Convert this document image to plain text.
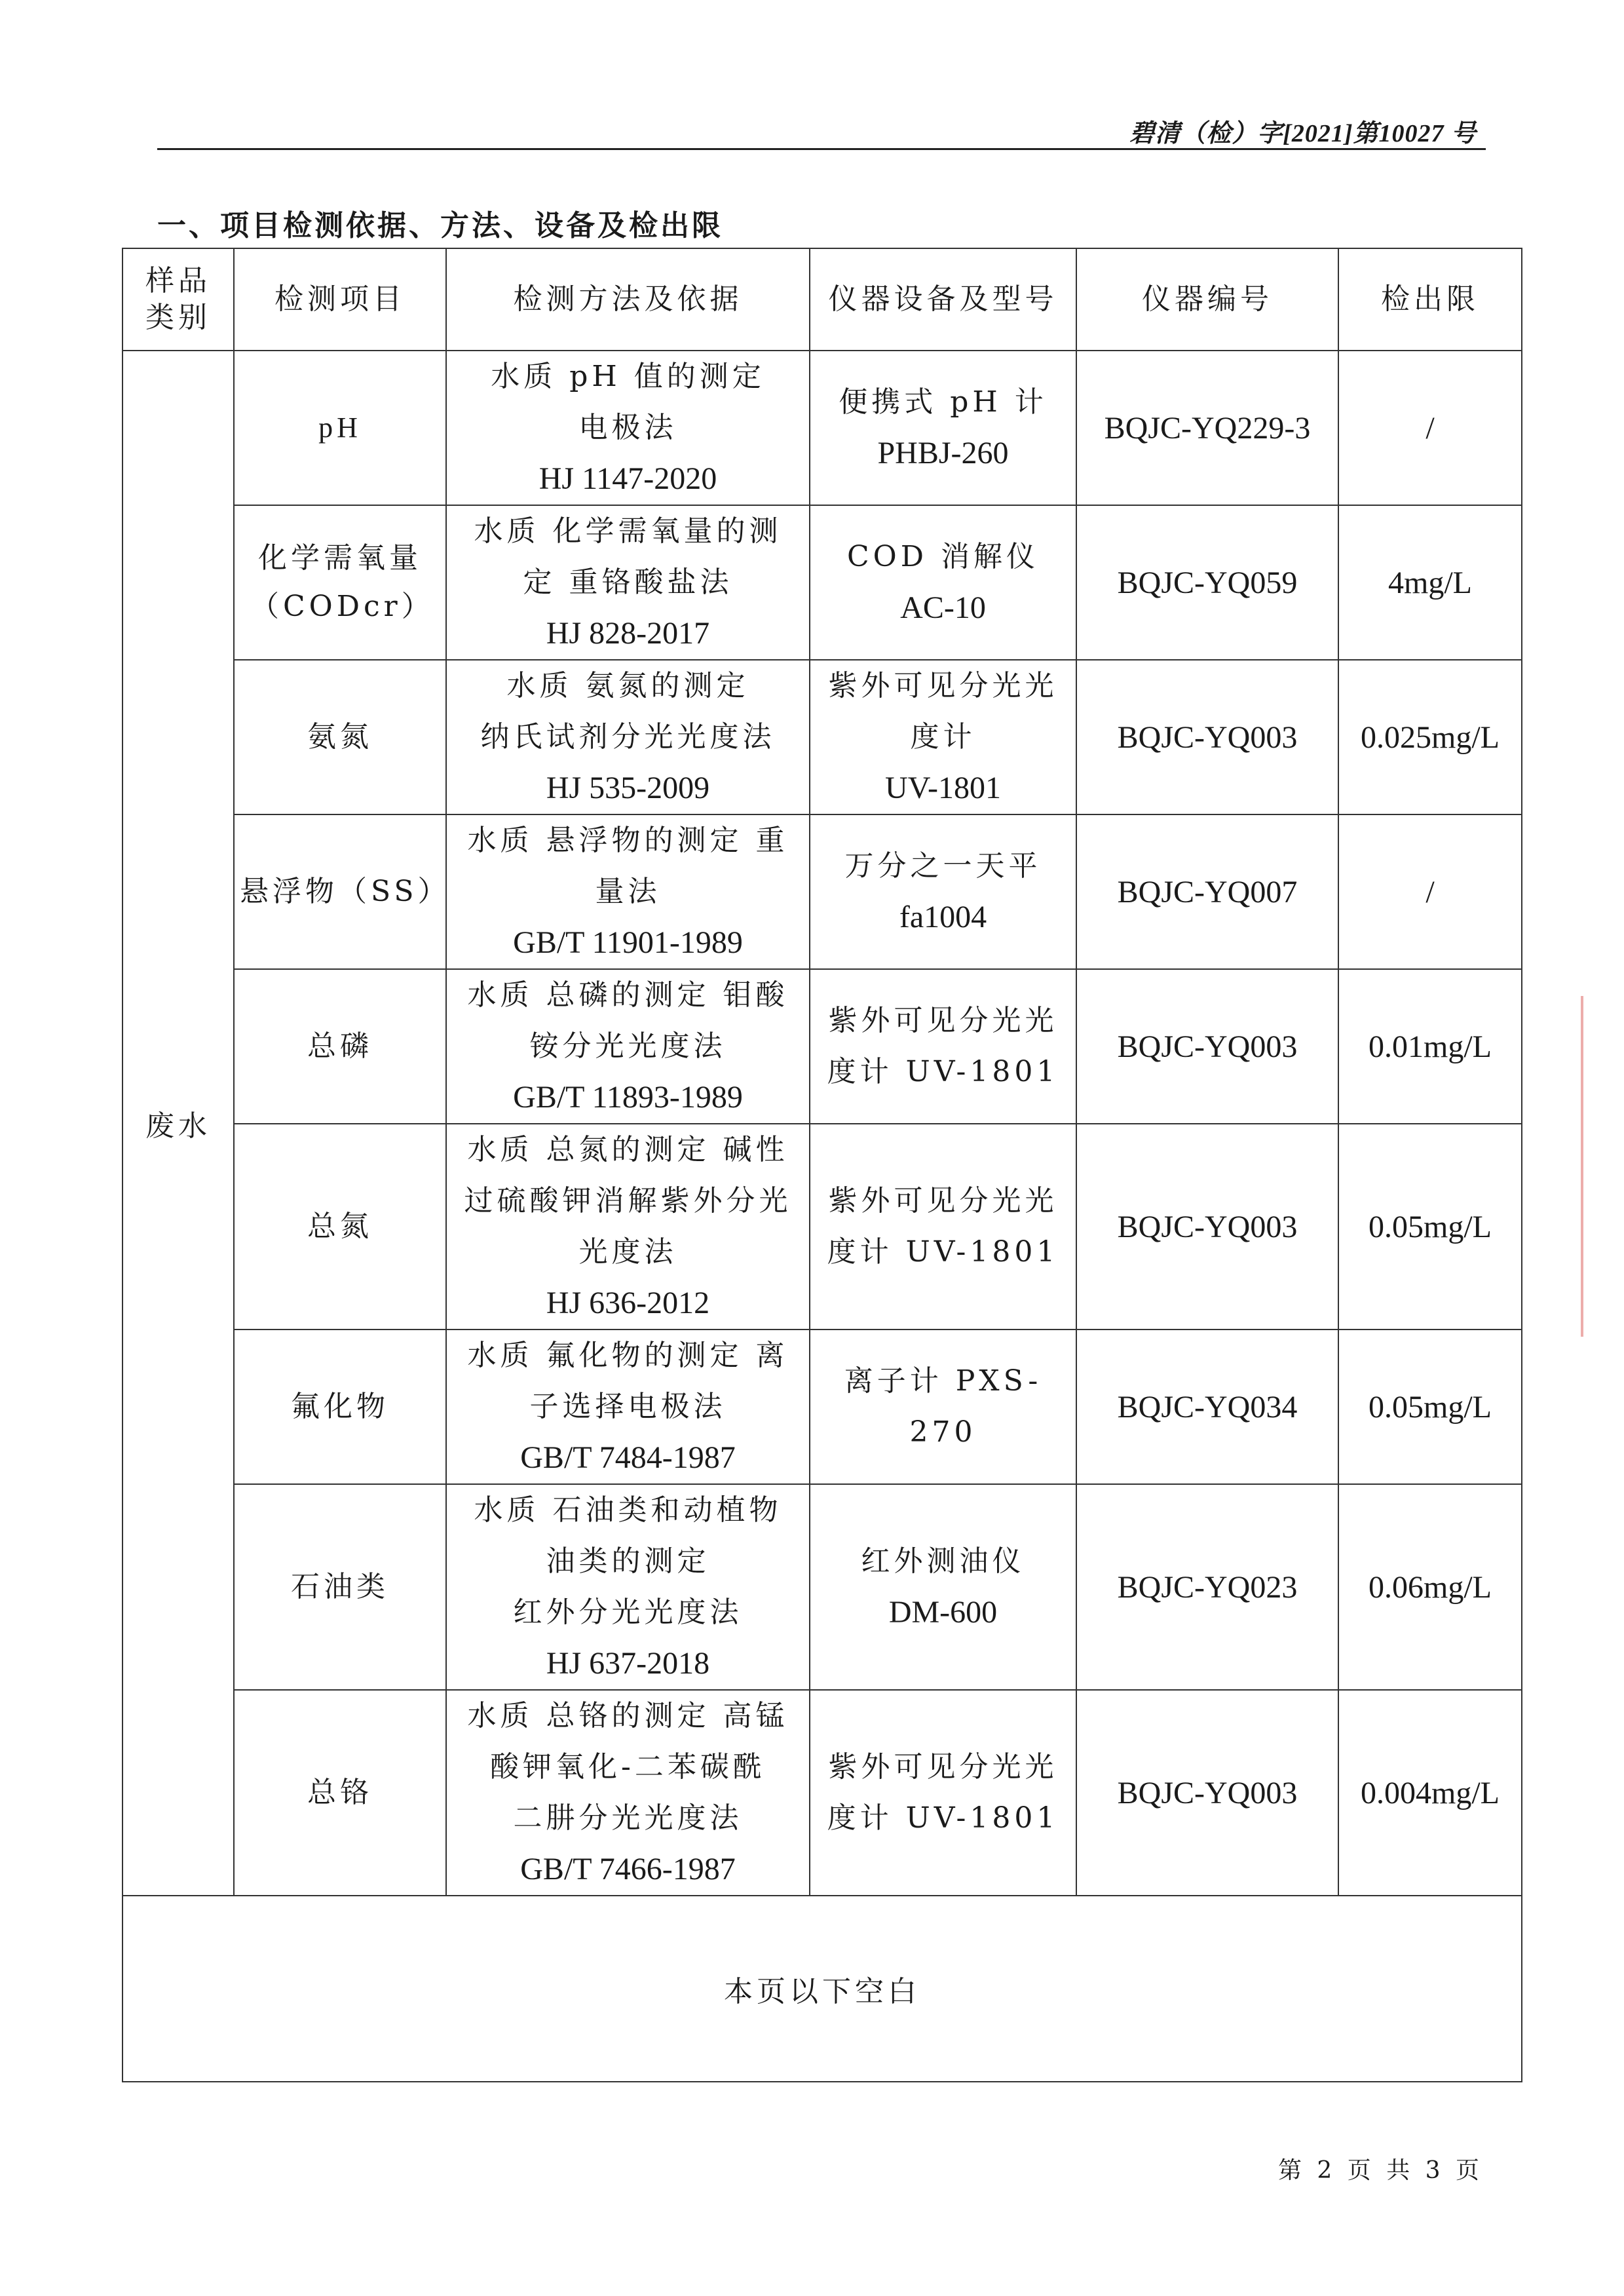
碧清（检）字[2021]第10027 号
一、项目检测依据、方法、设备及检出限
样品类别	检测项目	检测方法及依据	仪器设备及型号	仪器编号	检出限
废水	pH	水质 pH 值的测定
电极法
HJ 1147-2020	便携式 pH 计
PHBJ-260	BQJC-YQ229-3	/
	化学需氧量（CODcr）	水质 化学需氧量的测
定 重铬酸盐法
HJ 828-2017	COD 消解仪
AC-10	BQJC-YQ059	4mg/L
	氨氮	水质 氨氮的测定
纳氏试剂分光光度法
HJ 535-2009	紫外可见分光光
度计
UV-1801	BQJC-YQ003	0.025mg/L
	悬浮物（SS）	水质 悬浮物的测定 重
量法
GB/T 11901-1989	万分之一天平
fa1004	BQJC-YQ007	/
	总磷	水质 总磷的测定 钼酸
铵分光光度法
GB/T 11893-1989	紫外可见分光光
度计 UV-1801	BQJC-YQ003	0.01mg/L
	总氮	水质 总氮的测定 碱性
过硫酸钾消解紫外分光
光度法
HJ 636-2012	紫外可见分光光
度计 UV-1801	BQJC-YQ003	0.05mg/L
	氟化物	水质 氟化物的测定 离
子选择电极法
GB/T 7484-1987	离子计 PXS-270	BQJC-YQ034	0.05mg/L
	石油类	水质 石油类和动植物
油类的测定
红外分光光度法
HJ 637-2018	红外测油仪
DM-600	BQJC-YQ023	0.06mg/L
	总铬	水质 总铬的测定 高锰
酸钾氧化-二苯碳酰
二肼分光光度法
GB/T 7466-1987	紫外可见分光光
度计 UV-1801	BQJC-YQ003	0.004mg/L
本页以下空白					
第 2 页 共 3 页
